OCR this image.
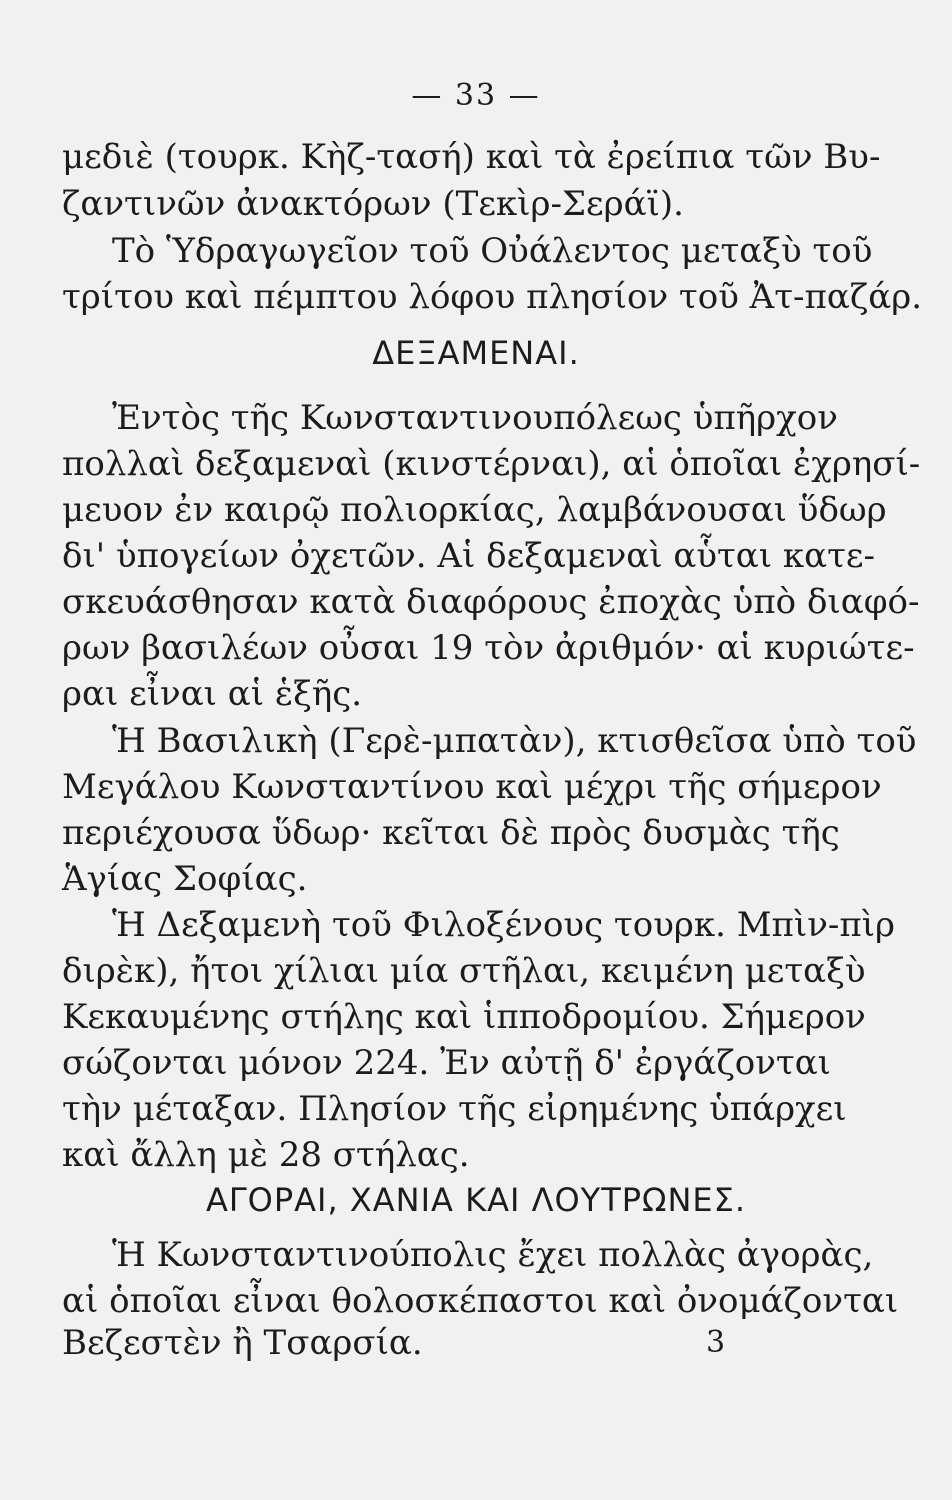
— 33 —
μεδιὲ (τουρκ. Κὴζ-τασή) καὶ τὰ ἐρείπια τῶν Βυ-
ζαντινῶν ἀνακτόρων (Τεκὶρ-Σεράϊ).
Τὸ Ὑδραγωγεῖον τοῦ Οὐάλεντος μεταξὺ τοῦ
τρίτου καὶ πέμπτου λόφου πλησίον τοῦ Ἀτ-παζάρ.
ΔΕΞΑΜΕΝΑΙ.
Ἐντὸς τῆς Κωνσταντινουπόλεως ὑπῆρχον
πολλαὶ δεξαμεναὶ (κινστέρναι), αἱ ὁποῖαι ἐχρησί-
μευον ἐν καιρῷ πολιορκίας, λαμβάνουσαι ὕδωρ
δι' ὑπογείων ὀχετῶν. Αἱ δεξαμεναὶ αὗται κατε-
σκευάσθησαν κατὰ διαφόρους ἐποχὰς ὑπὸ διαφό-
ρων βασιλέων οὖσαι 19 τὸν ἀριθμόν· αἱ κυριώτε-
ραι εἶναι αἱ ἑξῆς.
Ἡ Βασιλικὴ (Γερὲ-μπατὰν), κτισθεῖσα ὑπὸ τοῦ
Μεγάλου Κωνσταντίνου καὶ μέχρι τῆς σήμερον
περιέχουσα ὕδωρ· κεῖται δὲ πρὸς δυσμὰς τῆς
Ἁγίας Σοφίας.
Ἡ Δεξαμενὴ τοῦ Φιλοξένους τουρκ. Μπὶν-πὶρ
διρὲκ), ἤτοι χίλιαι μία στῆλαι, κειμένη μεταξὺ
Κεκαυμένης στήλης καὶ ἱπποδρομίου. Σήμερον
σώζονται μόνον 224. Ἐν αὐτῇ δ' ἐργάζονται
τὴν μέταξαν. Πλησίον τῆς εἰρημένης ὑπάρχει
καὶ ἄλλη μὲ 28 στήλας.
ΑΓΟΡΑΙ, ΧΑΝΙΑ ΚΑΙ ΛΟΥΤΡΩΝΕΣ.
Ἡ Κωνσταντινούπολις ἔχει πολλὰς ἀγορὰς,
αἱ ὁποῖαι εἶναι θολοσκέπαστοι καὶ ὀνομάζονται
Βεζεστὲν ἢ Τσαρσία.	3
